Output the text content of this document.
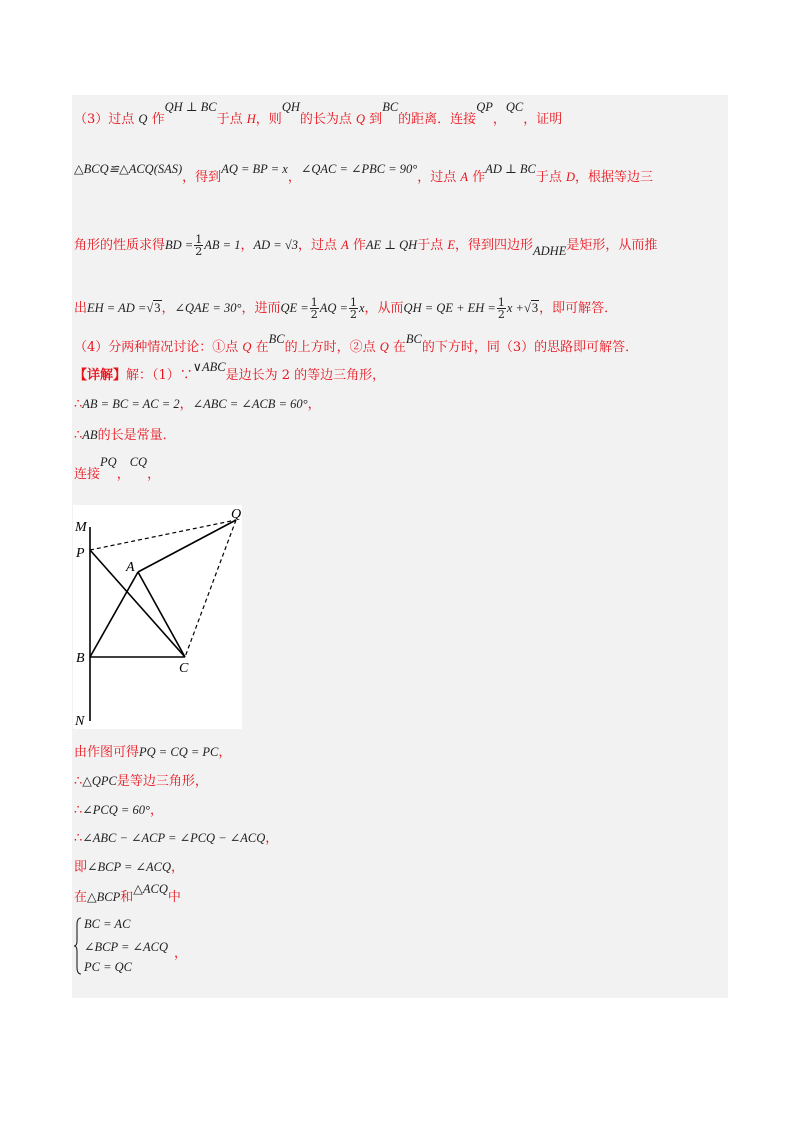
（3）过点 Q 作QH ⊥ BC于点 H，则QH的长为点 Q 到BC的距离．连接QP，QC，证明
△BCQ≌△ACQ(SAS)，得到AQ = BP = x，∠QAC = ∠PBC = 90°，过点 A 作AD ⊥ BC于点 D，根据等边三
角形的性质求得BD = $\frac{1}{2}$ AB = 1，AD = √3，过点 A 作AE ⊥ QH于点 E，得到四边形ADHE是矩形，从而推
出EH = AD =√3，∠QAE = 30°，进而QE = $\frac{1}{2}$ AQ = $\frac{1}{2}$ x，从而QH = QE + EH = $\frac{1}{2}$ x +√3，即可解答．
（4）分两种情况讨论：①点 Q 在BC的上方时，②点 Q 在BC的下方时，同（3）的思路即可解答．
【详解】解：（1）∵∨ABC是边长为 2 的等边三角形，
∴AB = BC = AC = 2，∠ABC = ∠ACB = 60°，
∴AB的长是常量．
连接PQ，CQ，
M
P
A
B
C
N
Q
由作图可得PQ = CQ = PC，
∴△QPC是等边三角形，
∴∠PCQ = 60°，
∴∠ABC − ∠ACP = ∠PCQ − ∠ACQ，
即∠BCP = ∠ACQ，
在△BCP和△ACQ中
BC = AC
∠BCP = ∠ACQ
PC = QC
，
